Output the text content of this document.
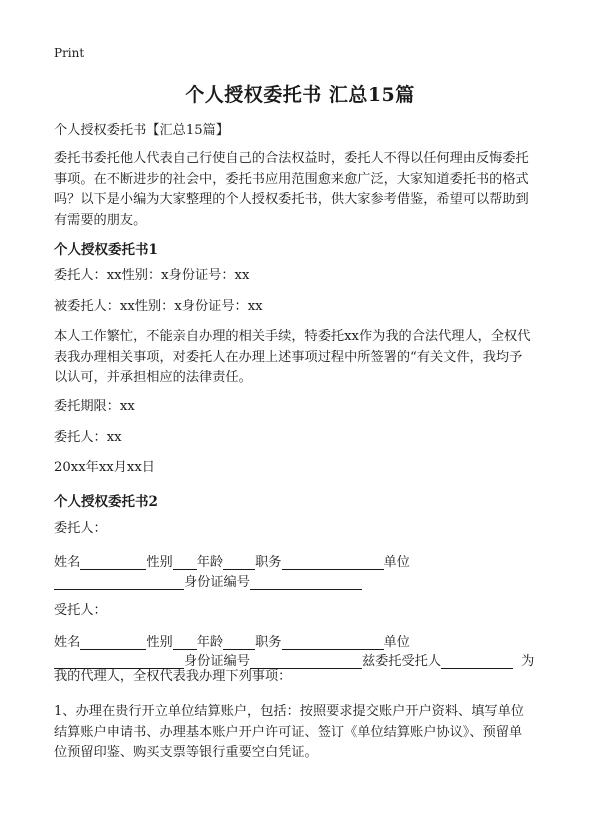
Print
个人授权委托书 汇总15篇
个人授权委托书【汇总15篇】
委托书委托他人代表自己行使自己的合法权益时，委托人不得以任何理由反悔委托
事项。在不断进步的社会中，委托书应用范围愈来愈广泛，大家知道委托书的格式
吗？以下是小编为大家整理的个人授权委托书，供大家参考借鉴，希望可以帮助到
有需要的朋友。
个人授权委托书1
委托人：xx性别：x身份证号：xx
被委托人：xx性别：x身份证号：xx
本人工作繁忙，不能亲自办理的相关手续，特委托xx作为我的合法代理人，全权代
表我办理相关事项，对委托人在办理上述事项过程中所签署的“有关文件，我均予
以认可，并承担相应的法律责任。
委托期限：xx
委托人：xx
20xx年xx月xx日
个人授权委托书2
委托人：
姓名	性别 年龄 职务	单位
身份证编号
受托人：
姓名	性别 年龄 职务	单位
身份证编号	兹委托受托人	为
我的代理人，全权代表我办理下列事项：
1、办理在贵行开立单位结算账户，包括：按照要求提交账户开户资料、填写单位
结算账户申请书、办理基本账户开户许可证、签订《单位结算账户协议》、预留单
位预留印鉴、购买支票等银行重要空白凭证。
